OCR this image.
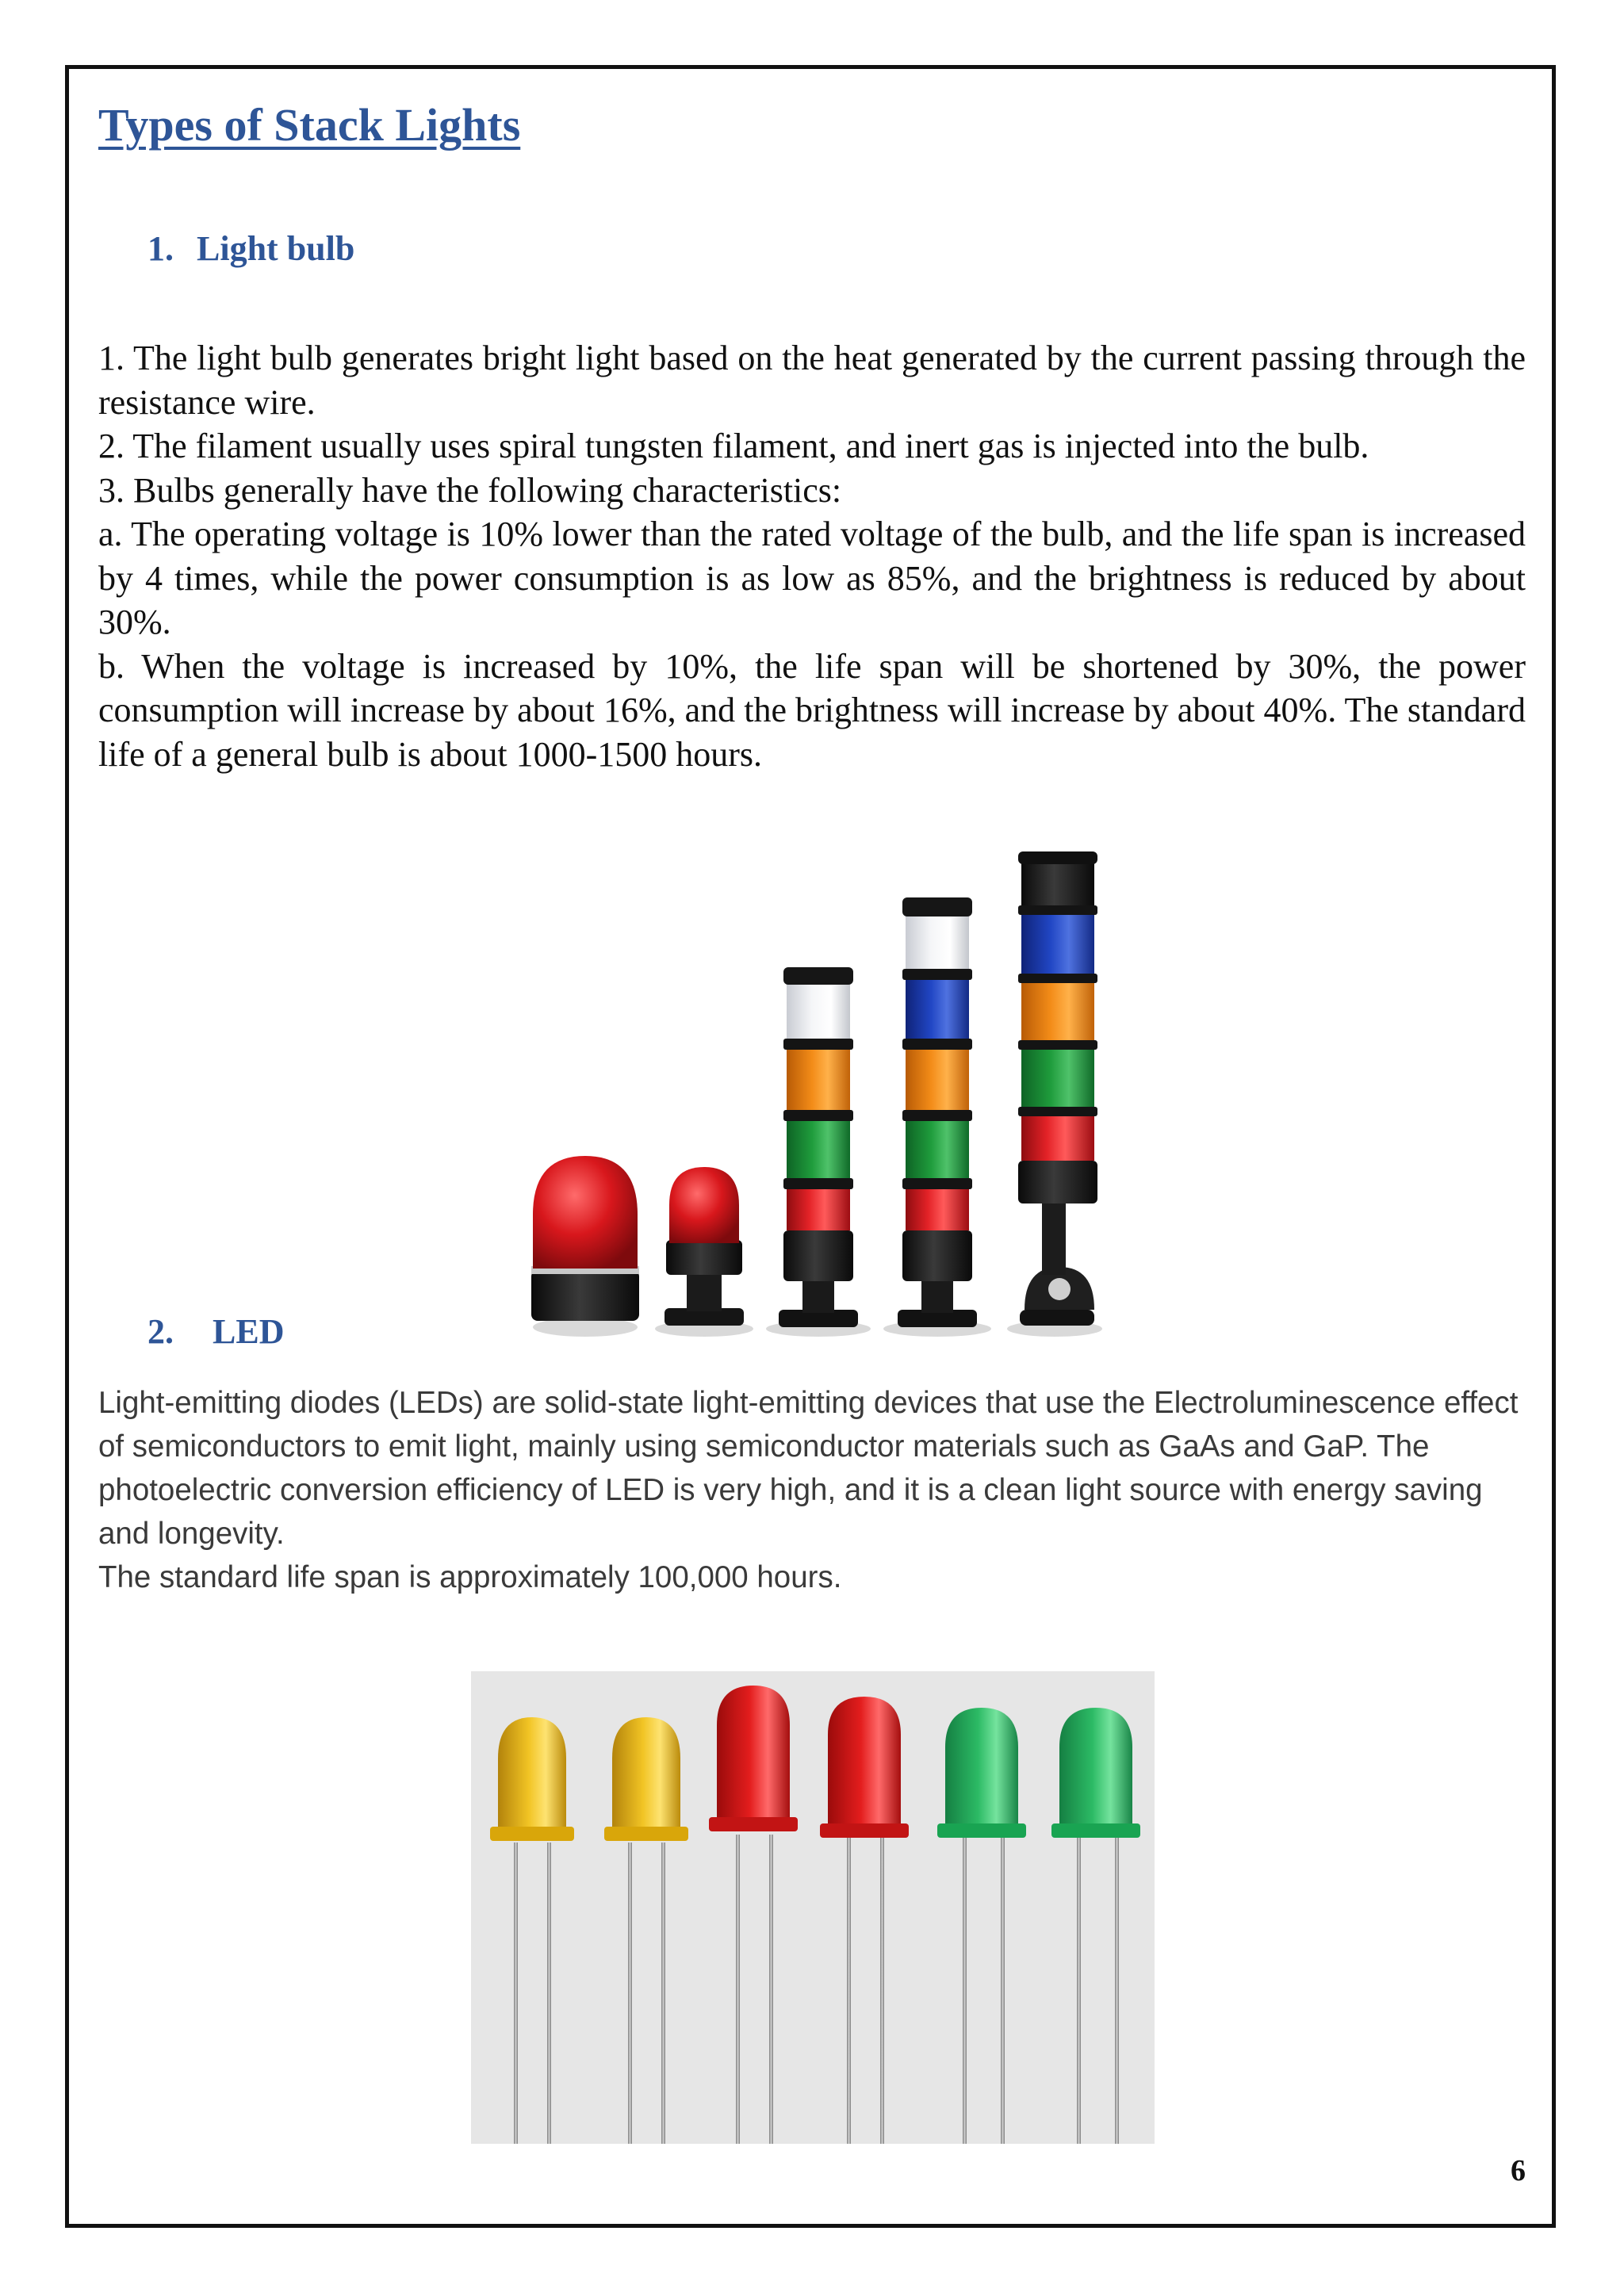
Types of Stack Lights
1. Light bulb

1. The light bulb generates bright light based on the heat generated by the current passing through the resistance wire.

2. The filament usually uses spiral tungsten filament, and inert gas is injected into the bulb.

3. Bulbs generally have the following characteristics:

a. The operating voltage is 10% lower than the rated voltage of the bulb, and the life span is increased by 4 times, while the power consumption is as low as 85%, and the brightness is reduced by about 30%.

b. When the voltage is increased by 10%, the life span will be shortened by 30%, the power consumption will increase by about 16%, and the brightness will increase by about 40%. The standard life of a general bulb is about 1000-1500 hours.

2. LED

Light-emitting diodes (LEDs) are solid-state light-emitting devices that use the Electroluminescence effect of semiconductors to emit light, mainly using semiconductor materials such as GaAs and GaP. The photoelectric conversion efficiency of LED is very high, and it is a clean light source with energy saving and longevity.

The standard life span is approximately 100,000 hours.

6
